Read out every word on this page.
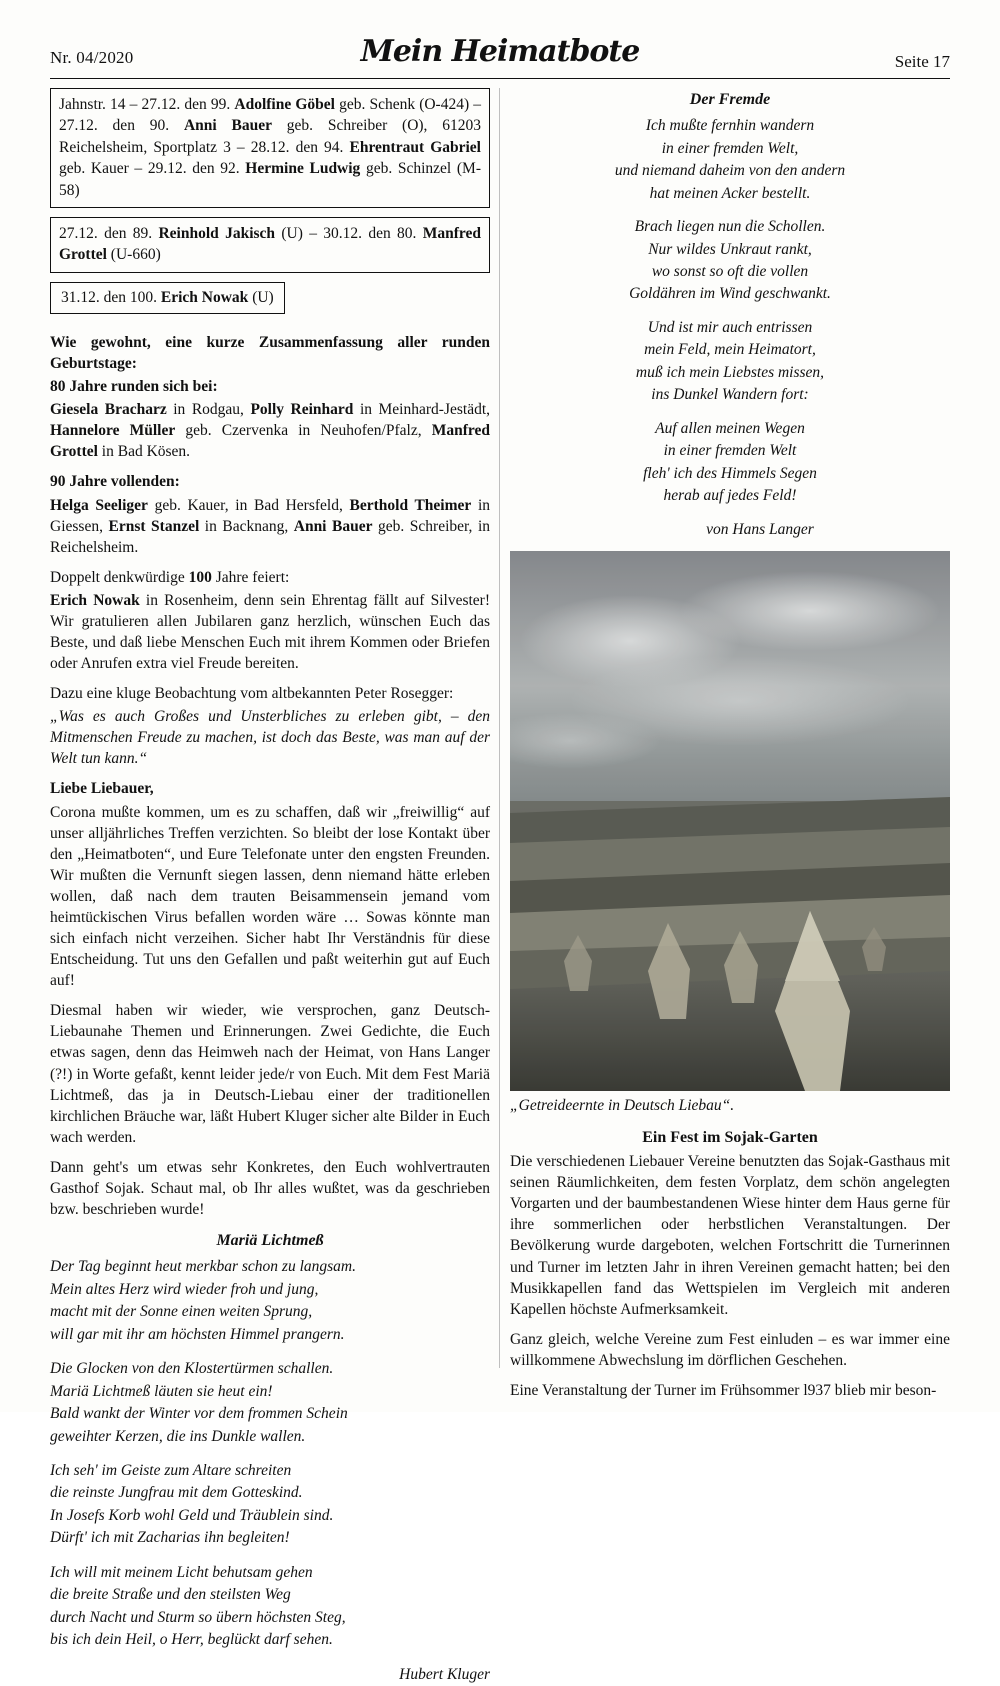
Nr. 04/2020	Mein Heimatbote	Seite 17
Jahnstr. 14 – 27.12. den 99. Adolfine Göbel geb. Schenk (O-424) – 27.12. den 90. Anni Bauer geb. Schreiber (O), 61203 Reichelsheim, Sportplatz 3 – 28.12. den 94. Ehrentraut Gabriel geb. Kauer – 29.12. den 92. Hermine Ludwig geb. Schinzel (M-58)
27.12. den 89. Reinhold Jakisch (U) – 30.12. den 80. Manfred Grottel (U-660)
31.12. den 100. Erich Nowak (U)

Wie gewohnt, eine kurze Zusammenfassung aller runden Geburtstage:

80 Jahre runden sich bei:

Giesela Bracharz in Rodgau, Polly Reinhard in Meinhard-Jestädt, Hannelore Müller geb. Czervenka in Neuhofen/Pfalz, Manfred Grottel in Bad Kösen.

90 Jahre vollenden:

Helga Seeliger geb. Kauer, in Bad Hersfeld, Berthold Theimer in Giessen, Ernst Stanzel in Backnang, Anni Bauer geb. Schreiber, in Reichelsheim.

Doppelt denkwürdige 100 Jahre feiert:

Erich Nowak in Rosenheim, denn sein Ehrentag fällt auf Silvester! Wir gratulieren allen Jubilaren ganz herzlich, wünschen Euch das Beste, und daß liebe Menschen Euch mit ihrem Kommen oder Briefen oder Anrufen extra viel Freude bereiten.

Dazu eine kluge Beobachtung vom altbekannten Peter Rosegger:

„Was es auch Großes und Unsterbliches zu erleben gibt, – den Mitmenschen Freude zu machen, ist doch das Beste, was man auf der Welt tun kann.“

Liebe Liebauer,

Corona mußte kommen, um es zu schaffen, daß wir „freiwillig“ auf unser alljährliches Treffen verzichten. So bleibt der lose Kontakt über den „Heimatboten“, und Eure Telefonate unter den engsten Freunden. Wir mußten die Vernunft siegen lassen, denn niemand hätte erleben wollen, daß nach dem trauten Beisammensein jemand vom heimtückischen Virus befallen worden wäre … Sowas könnte man sich einfach nicht verzeihen. Sicher habt Ihr Verständnis für diese Entscheidung. Tut uns den Gefallen und paßt weiterhin gut auf Euch auf!

Diesmal haben wir wieder, wie versprochen, ganz Deutsch-Liebaunahe Themen und Erinnerungen. Zwei Gedichte, die Euch etwas sagen, denn das Heimweh nach der Heimat, von Hans Langer (?!) in Worte gefaßt, kennt leider jede/r von Euch. Mit dem Fest Mariä Lichtmeß, das ja in Deutsch-Liebau einer der traditionellen kirchlichen Bräuche war, läßt Hubert Kluger sicher alte Bilder in Euch wach werden.

Dann geht's um etwas sehr Konkretes, den Euch wohlvertrauten Gasthof Sojak. Schaut mal, ob Ihr alles wußtet, was da geschrieben bzw. beschrieben wurde!

Mariä Lichtmeß
Der Tag beginnt heut merkbar schon zu langsam.
Mein altes Herz wird wieder froh und jung,
macht mit der Sonne einen weiten Sprung,
will gar mit ihr am höchsten Himmel prangern.
Die Glocken von den Klostertürmen schallen.
Mariä Lichtmeß läuten sie heut ein!
Bald wankt der Winter vor dem frommen Schein
geweihter Kerzen, die ins Dunkle wallen.
Ich seh' im Geiste zum Altare schreiten
die reinste Jungfrau mit dem Gotteskind.
In Josefs Korb wohl Geld und Träublein sind.
Dürft' ich mit Zacharias ihn begleiten!
Ich will mit meinem Licht behutsam gehen
die breite Straße und den steilsten Weg
durch Nacht und Sturm so übern höchsten Steg,
bis ich dein Heil, o Herr, beglückt darf sehen.
Hubert Kluger
Der Fremde
Ich mußte fernhin wandern
in einer fremden Welt,
und niemand daheim von den andern
hat meinen Acker bestellt.
Brach liegen nun die Schollen.
Nur wildes Unkraut rankt,
wo sonst so oft die vollen
Goldähren im Wind geschwankt.
Und ist mir auch entrissen
mein Feld, mein Heimatort,
muß ich mein Liebstes missen,
ins Dunkel Wandern fort:
Auf allen meinen Wegen
in einer fremden Welt
fleh' ich des Himmels Segen
herab auf jedes Feld!
von Hans Langer
„Getreideernte in Deutsch Liebau“.
Ein Fest im Sojak-Garten

Die verschiedenen Liebauer Vereine benutzten das Sojak-Gasthaus mit seinen Räumlichkeiten, dem festen Vorplatz, dem schön angelegten Vorgarten und der baumbestandenen Wiese hinter dem Haus gerne für ihre sommerlichen oder herbstlichen Veranstaltungen. Der Bevölkerung wurde dargeboten, welchen Fortschritt die Turnerinnen und Turner im letzten Jahr in ihren Vereinen gemacht hatten; bei den Musikkapellen fand das Wettspielen im Vergleich mit anderen Kapellen höchste Aufmerksamkeit.

Ganz gleich, welche Vereine zum Fest einluden – es war immer eine willkommene Abwechslung im dörflichen Geschehen.

Eine Veranstaltung der Turner im Frühsommer l937 blieb mir beson-
